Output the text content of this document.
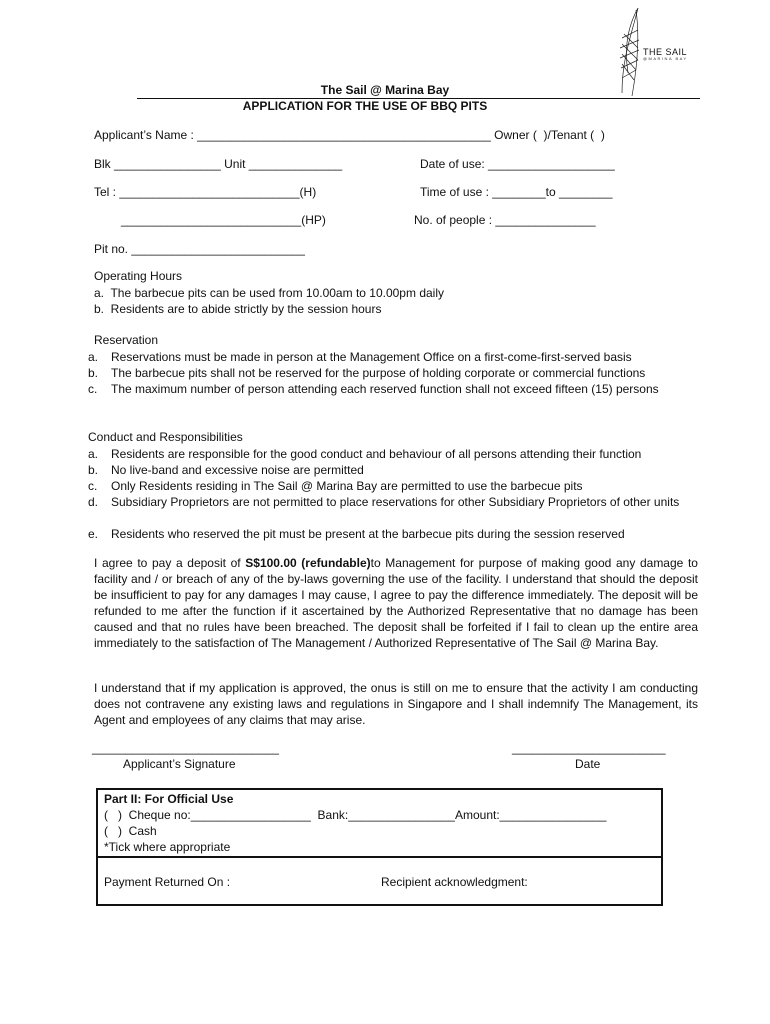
THE SAIL
@MARINA BAY
The Sail @ Marina Bay
APPLICATION FOR THE USE OF BBQ PITS
Applicant’s Name : ____________________________________________ Owner (  )/Tenant (  )
Blk ________________ Unit ______________	Date of use: ___________________
Tel : ___________________________(H)	Time of use : ________to ________
___________________________(HP)	No. of people : _______________
Pit no. __________________________
Operating Hours
a.  The barbecue pits can be used from 10.00am to 10.00pm daily
b.  Residents are to abide strictly by the session hours
Reservation
a. Reservations must be made in person at the Management Office on a first-come-first-served basis
b. The barbecue pits shall not be reserved for the purpose of holding corporate or commercial functions
c. The maximum number of person attending each reserved function shall not exceed fifteen (15) persons
Conduct and Responsibilities
a. Residents are responsible for the good conduct and behaviour of all persons attending their function
b. No live-band and excessive noise are permitted
c. Only Residents residing in The Sail @ Marina Bay are permitted to use the barbecue pits
d. Subsidiary Proprietors are not permitted to place reservations for other Subsidiary Proprietors of other units
e. Residents who reserved the pit must be present at the barbecue pits during the session reserved
I agree to pay a deposit of S$100.00 (refundable)to Management for purpose of making good any damage to facility and / or breach of any of the by-laws governing the use of the facility. I understand that should the deposit be insufficient to pay for any damages I may cause, I agree to pay the difference immediately. The deposit will be refunded to me after the function if it ascertained by the Authorized Representative that no damage has been caused and that no rules have been breached. The deposit shall be forfeited if I fail to clean up the entire area immediately to the satisfaction of The Management / Authorized Representative of The Sail @ Marina Bay.
I understand that if my application is approved, the onus is still on me to ensure that the activity I am conducting does not contravene any existing laws and regulations in Singapore and I shall indemnify The Management, its Agent and employees of any claims that may arise.
____________________________
Applicant’s Signature
_______________________
Date
Part II: For Official Use
(   )  Cheque no:__________________  Bank:________________Amount:________________
(   )  Cash
*Tick where appropriate
Payment Returned On :	Recipient acknowledgment:
